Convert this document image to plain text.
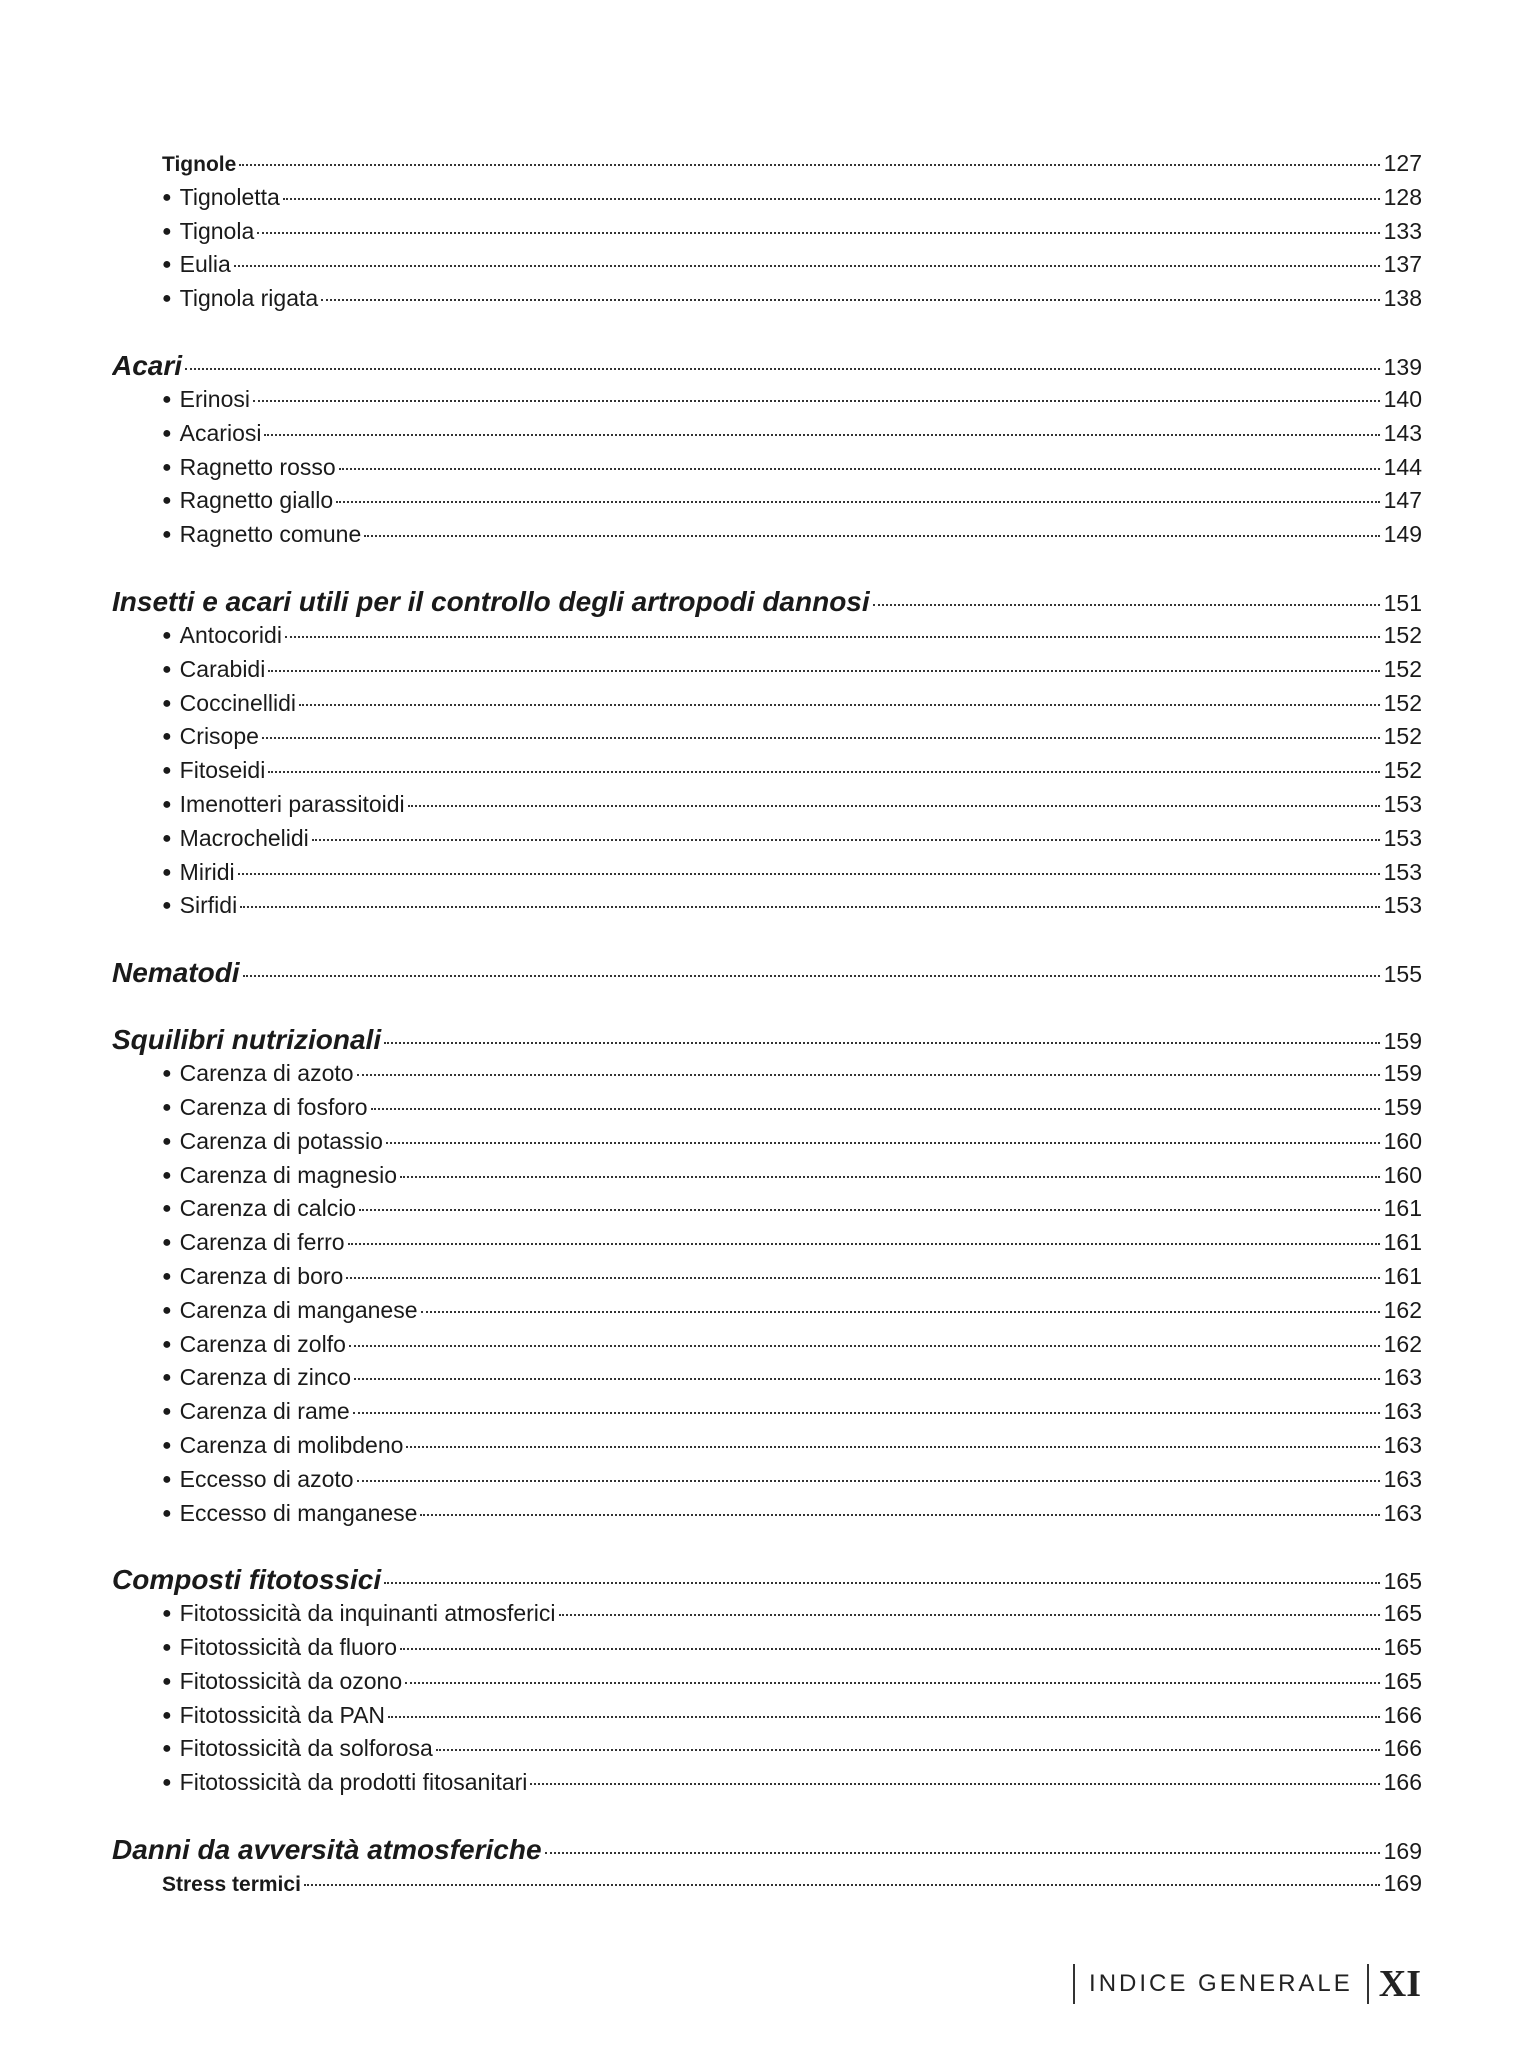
Tignole	127
● Tignoletta	128
● Tignola	133
● Eulia	137
● Tignola rigata	138
Acari	139
● Erinosi	140
● Acariosi	143
● Ragnetto rosso	144
● Ragnetto giallo	147
● Ragnetto comune	149
Insetti e acari utili per il controllo degli artropodi dannosi	151
● Antocoridi	152
● Carabidi	152
● Coccinellidi	152
● Crisope	152
● Fitoseidi	152
● Imenotteri parassitoidi	153
● Macrochelidi	153
● Miridi	153
● Sirfidi	153
Nematodi	155
Squilibri nutrizionali	159
● Carenza di azoto	159
● Carenza di fosforo	159
● Carenza di potassio	160
● Carenza di magnesio	160
● Carenza di calcio	161
● Carenza di ferro	161
● Carenza di boro	161
● Carenza di manganese	162
● Carenza di zolfo	162
● Carenza di zinco	163
● Carenza di rame	163
● Carenza di molibdeno	163
● Eccesso di azoto	163
● Eccesso di manganese	163
Composti fitotossici	165
● Fitotossicità da inquinanti atmosferici	165
● Fitotossicità da fluoro	165
● Fitotossicità da ozono	165
● Fitotossicità da PAN	166
● Fitotossicità da solforosa	166
● Fitotossicità da prodotti fitosanitari	166
Danni da avversità atmosferiche	169
Stress termici	169
INDICE GENERALE XI
